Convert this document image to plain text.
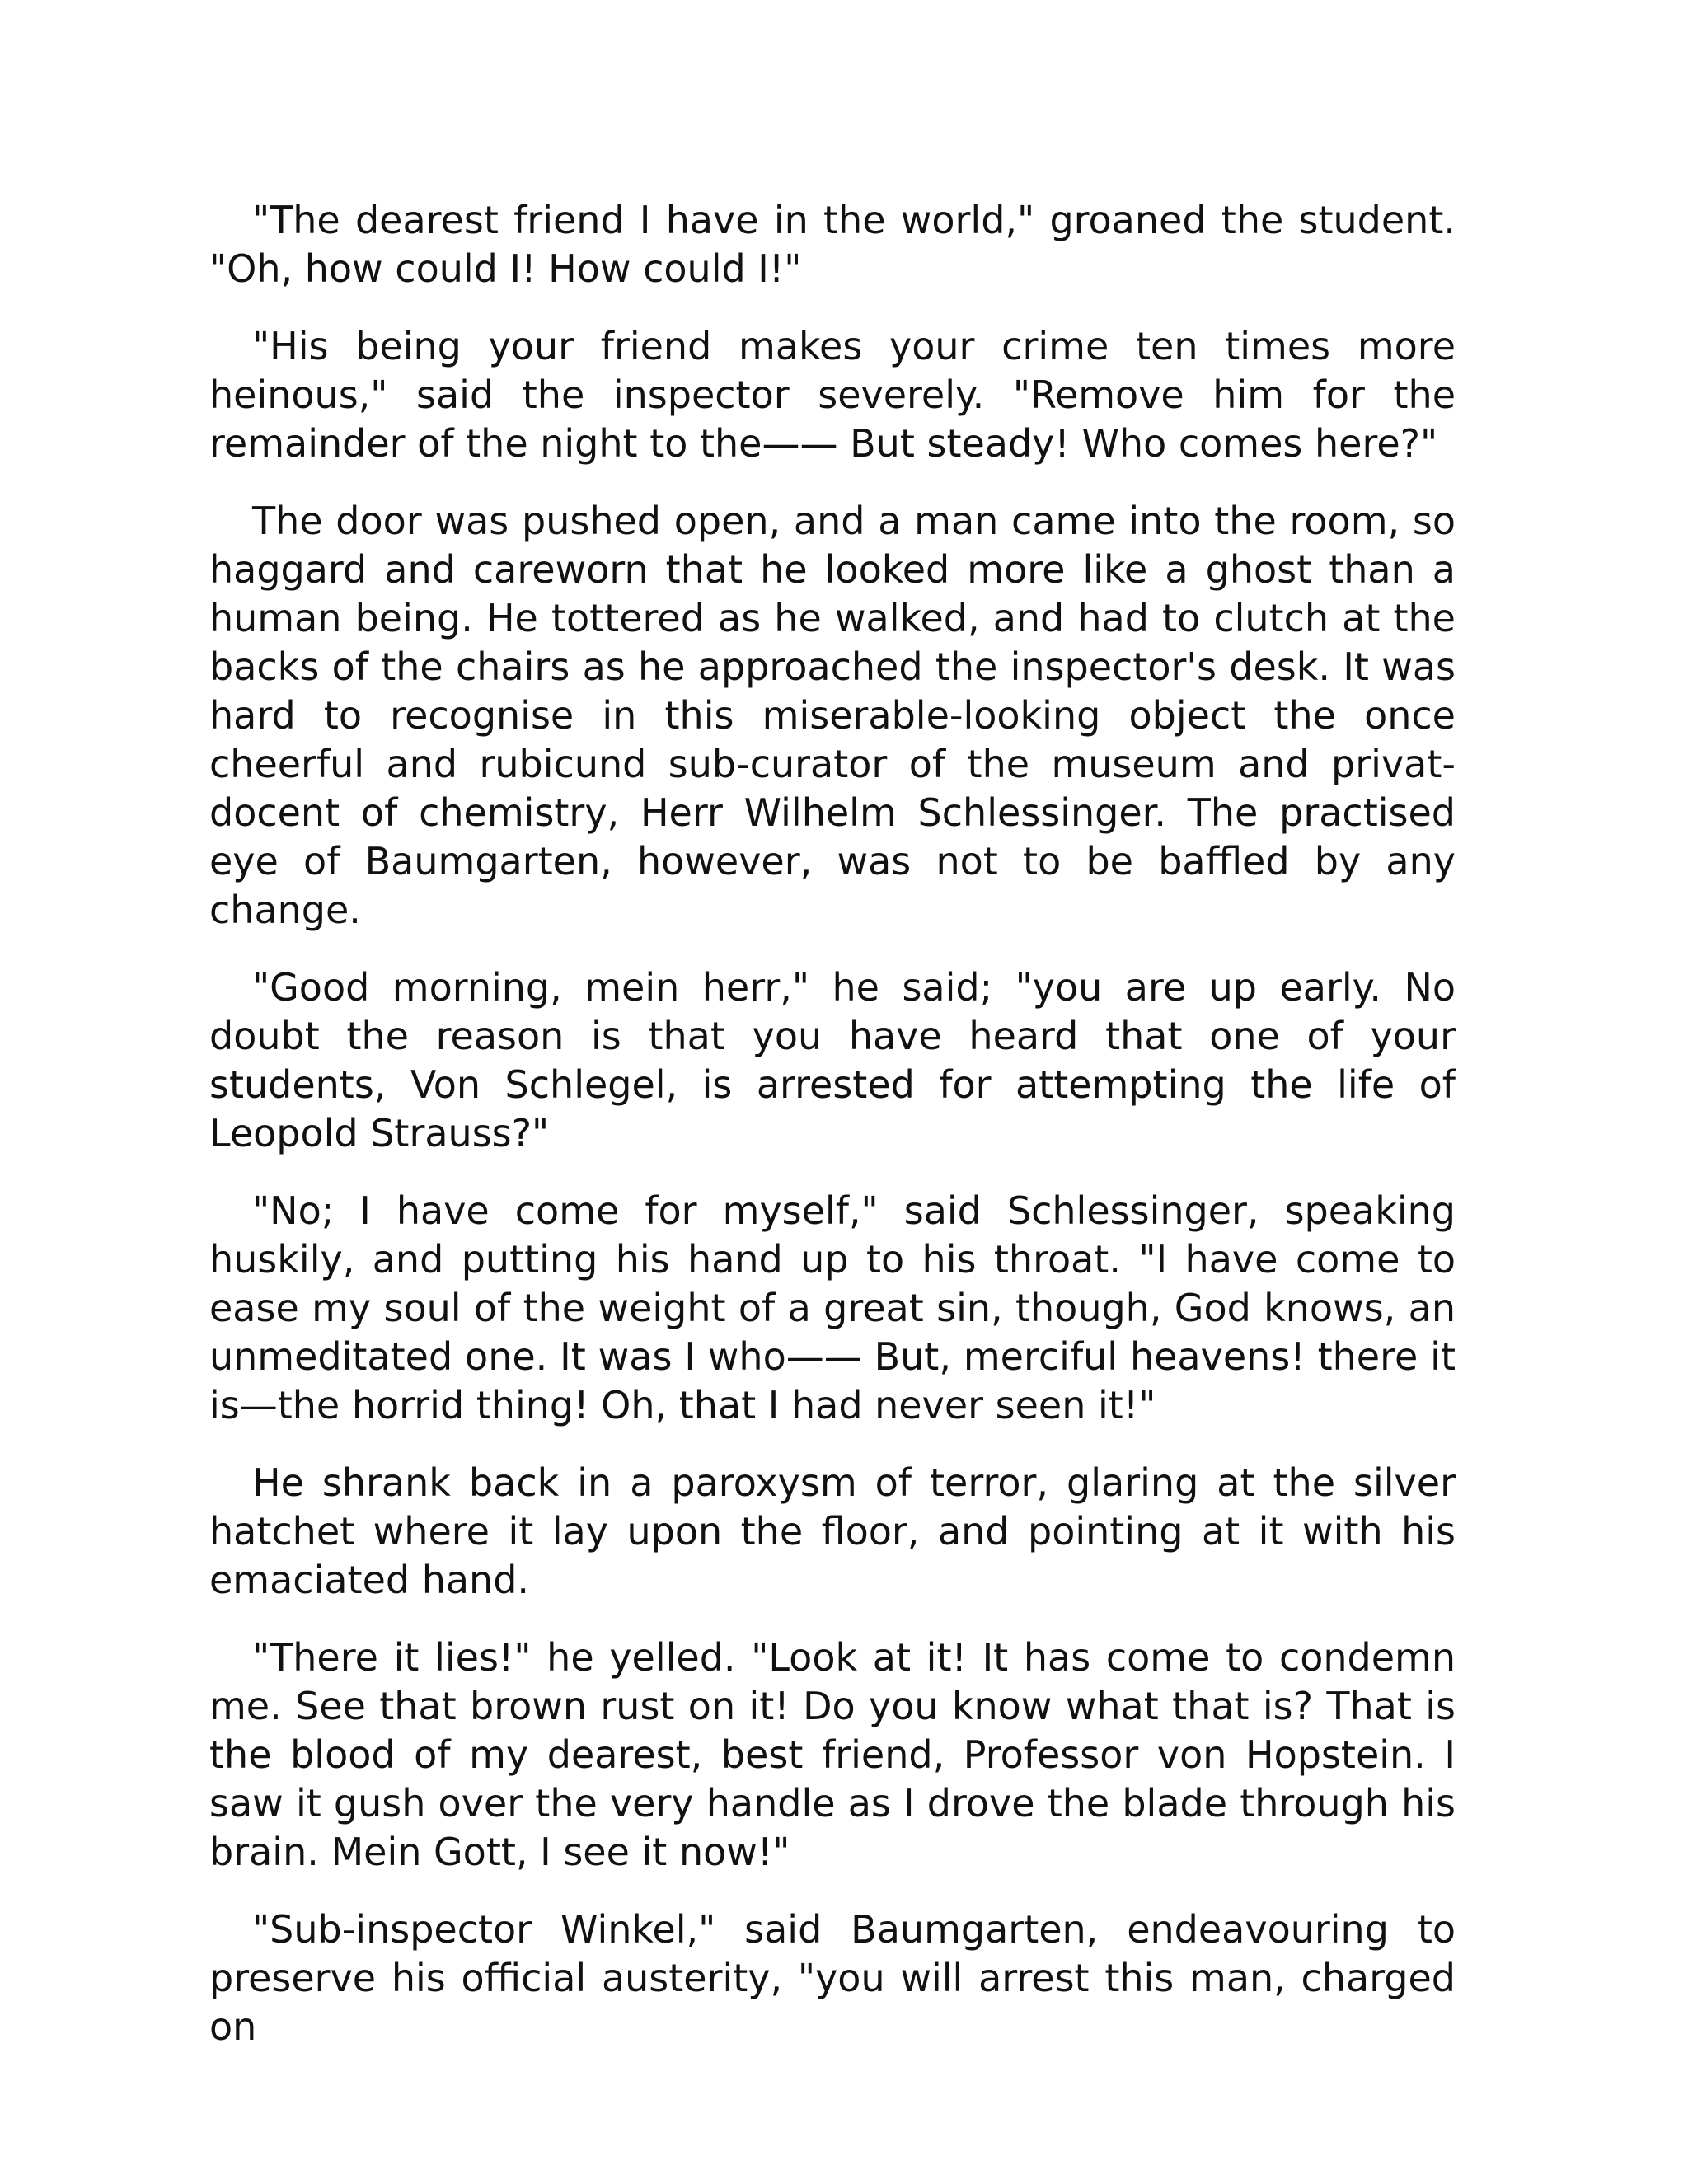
"The dearest friend I have in the world," groaned the student. "Oh, how could I! How could I!"

"His being your friend makes your crime ten times more heinous," said the inspector severely. "Remove him for the remainder of the night to the—— But steady! Who comes here?"

The door was pushed open, and a man came into the room, so haggard and careworn that he looked more like a ghost than a human being. He tottered as he walked, and had to clutch at the backs of the chairs as he approached the inspector's desk. It was hard to recognise in this miserable-looking object the once cheerful and rubicund sub-curator of the museum and privat-docent of chemistry, Herr Wilhelm Schlessinger. The practised eye of Baumgarten, however, was not to be baffled by any change.

"Good morning, mein herr," he said; "you are up early. No doubt the reason is that you have heard that one of your students, Von Schlegel, is arrested for attempting the life of Leopold Strauss?"

"No; I have come for myself," said Schlessinger, speaking huskily, and putting his hand up to his throat. "I have come to ease my soul of the weight of a great sin, though, God knows, an unmeditated one. It was I who—— But, merciful heavens! there it is—the horrid thing! Oh, that I had never seen it!"

He shrank back in a paroxysm of terror, glaring at the silver hatchet where it lay upon the floor, and pointing at it with his emaciated hand.

"There it lies!" he yelled. "Look at it! It has come to condemn me. See that brown rust on it! Do you know what that is? That is the blood of my dearest, best friend, Professor von Hopstein. I saw it gush over the very handle as I drove the blade through his brain. Mein Gott, I see it now!"

"Sub-inspector Winkel," said Baumgarten, endeavouring to preserve his official austerity, "you will arrest this man, charged on
